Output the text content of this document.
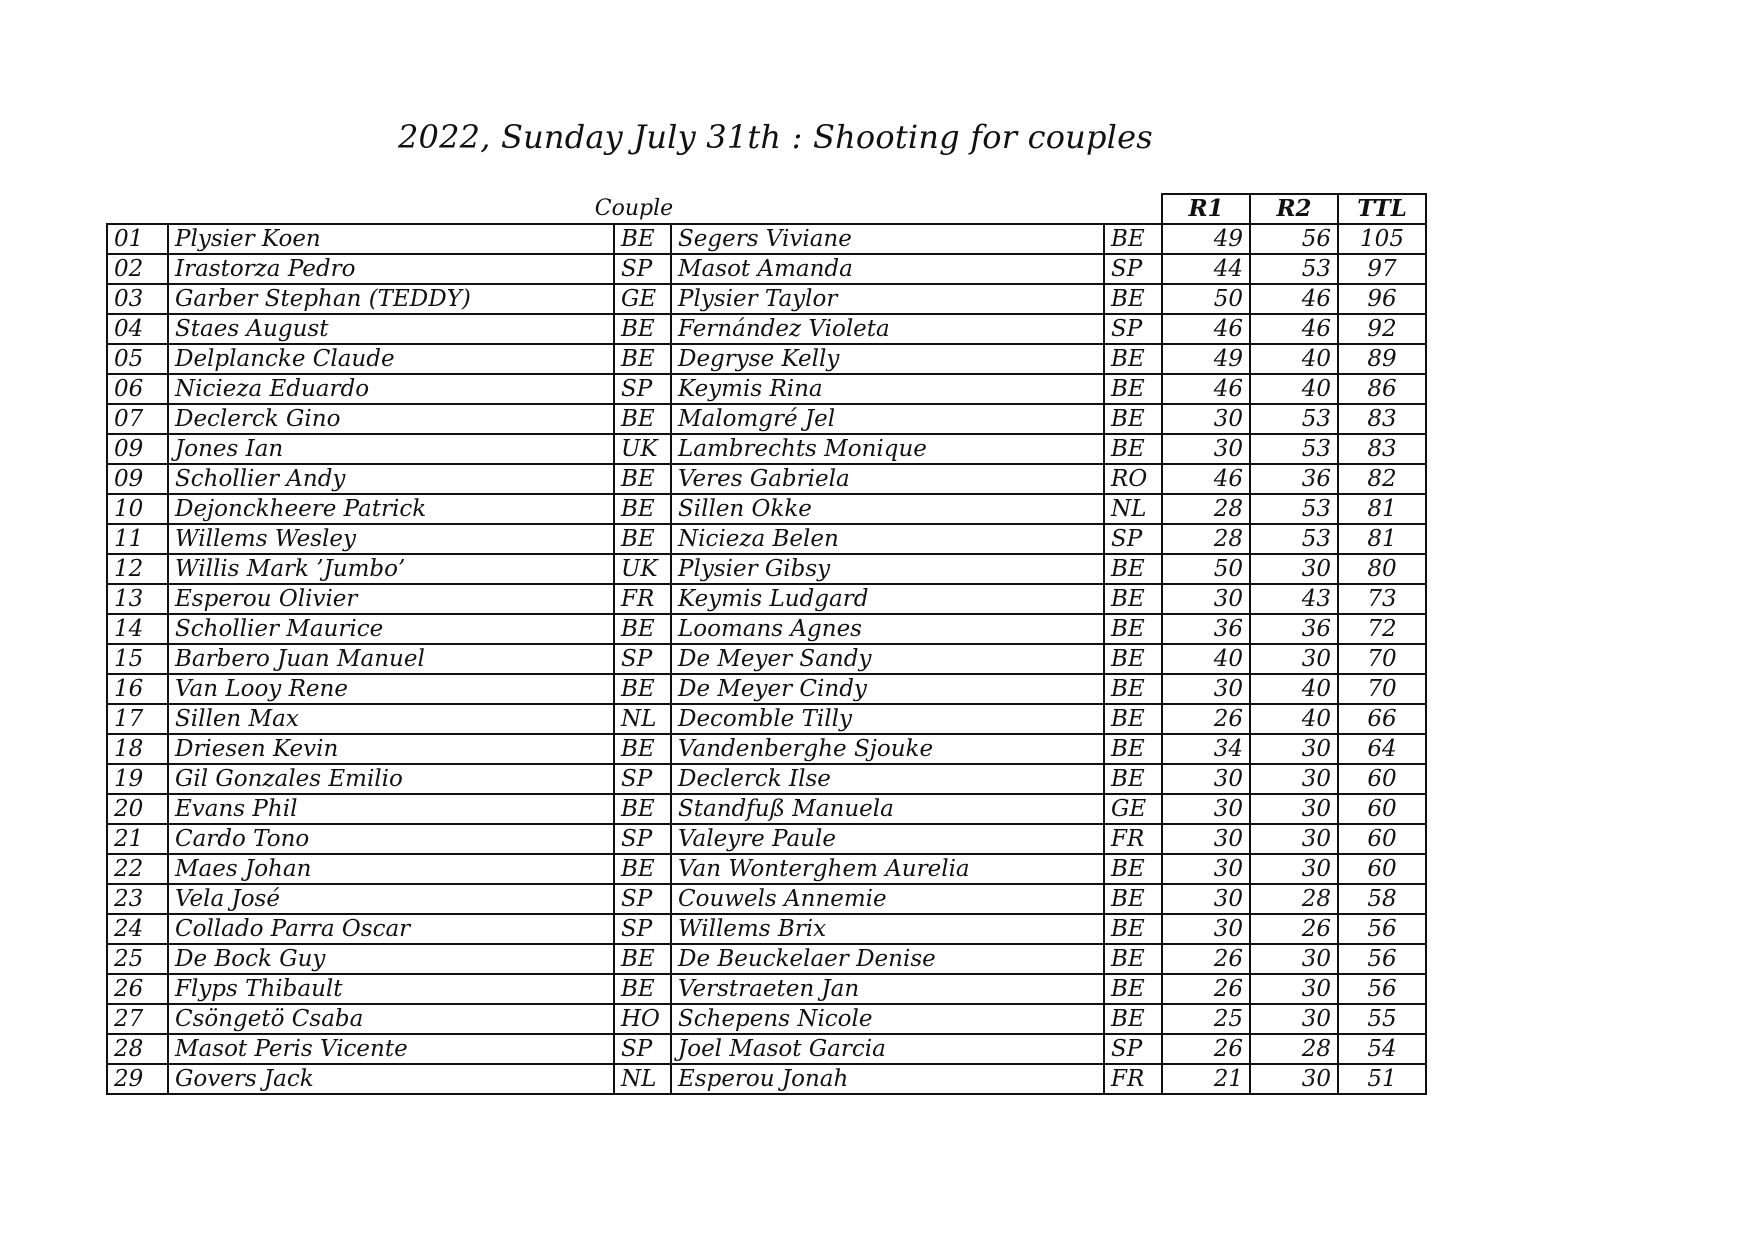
2022, Sunday July 31th : Shooting for couples
Couple					R1	R2	TTL
01	Plysier Koen	BE	Segers Viviane	BE	49	56	105
02	Irastorza Pedro	SP	Masot Amanda	SP	44	53	97
03	Garber Stephan (TEDDY)	GE	Plysier Taylor	BE	50	46	96
04	Staes August	BE	Fernández Violeta	SP	46	46	92
05	Delplancke Claude	BE	Degryse Kelly	BE	49	40	89
06	Nicieza Eduardo	SP	Keymis Rina	BE	46	40	86
07	Declerck Gino	BE	Malomgré Jel	BE	30	53	83
09	Jones Ian	UK	Lambrechts Monique	BE	30	53	83
09	Schollier Andy	BE	Veres Gabriela	RO	46	36	82
10	Dejonckheere Patrick	BE	Sillen Okke	NL	28	53	81
11	Willems Wesley	BE	Nicieza Belen	SP	28	53	81
12	Willis Mark ’Jumbo’	UK	Plysier Gibsy	BE	50	30	80
13	Esperou Olivier	FR	Keymis Ludgard	BE	30	43	73
14	Schollier Maurice	BE	Loomans Agnes	BE	36	36	72
15	Barbero Juan Manuel	SP	De Meyer Sandy	BE	40	30	70
16	Van Looy Rene	BE	De Meyer Cindy	BE	30	40	70
17	Sillen Max	NL	Decomble Tilly	BE	26	40	66
18	Driesen Kevin	BE	Vandenberghe Sjouke	BE	34	30	64
19	Gil Gonzales Emilio	SP	Declerck Ilse	BE	30	30	60
20	Evans Phil	BE	Standfuß Manuela	GE	30	30	60
21	Cardo Tono	SP	Valeyre Paule	FR	30	30	60
22	Maes Johan	BE	Van Wonterghem Aurelia	BE	30	30	60
23	Vela José	SP	Couwels Annemie	BE	30	28	58
24	Collado Parra Oscar	SP	Willems Brix	BE	30	26	56
25	De Bock Guy	BE	De Beuckelaer Denise	BE	26	30	56
26	Flyps Thibault	BE	Verstraeten Jan	BE	26	30	56
27	Csöngetö Csaba	HO	Schepens Nicole	BE	25	30	55
28	Masot Peris Vicente	SP	Joel Masot Garcia	SP	26	28	54
29	Govers Jack	NL	Esperou Jonah	FR	21	30	51
